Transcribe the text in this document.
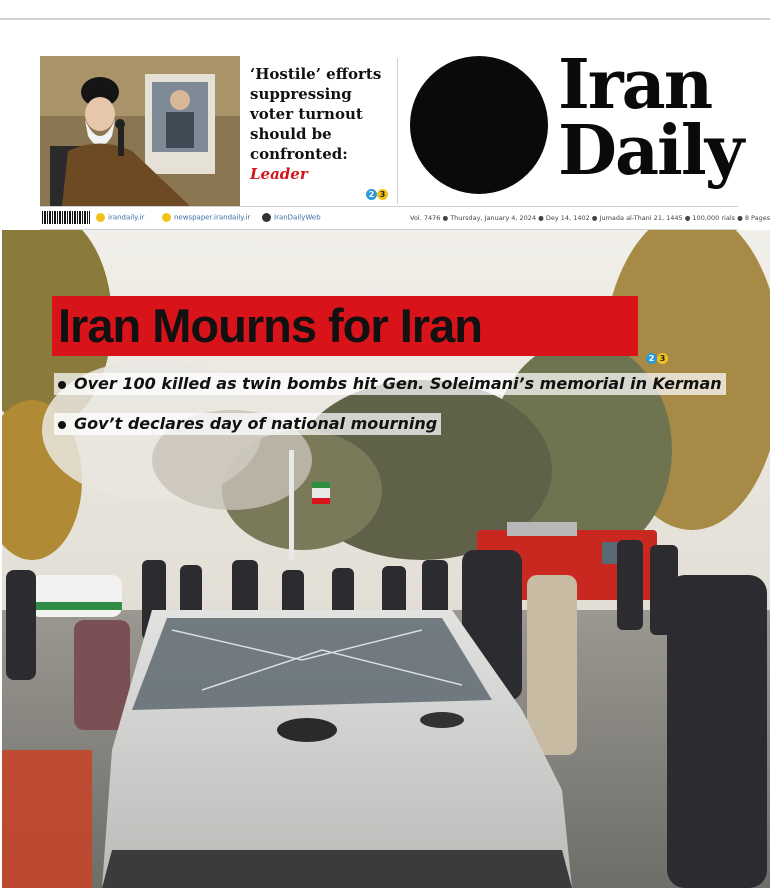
‘Hostile’ efforts suppressing voter turnout should be confronted:
Leader
2 3
Iran
Daily
irandaily.ir	newspaper.irandaily.ir	IranDailyWeb	Vol. 7476 ● Thursday, January 4, 2024 ● Dey 14, 1402 ● Jumada al-Thani 21, 1445 ● 100,000 rials ● 8 Pages
Iran Mourns for Iran
2 3
Over 100 killed as twin bombs hit Gen. Soleimani’s memorial in Kerman
Gov’t declares day of national mourning
